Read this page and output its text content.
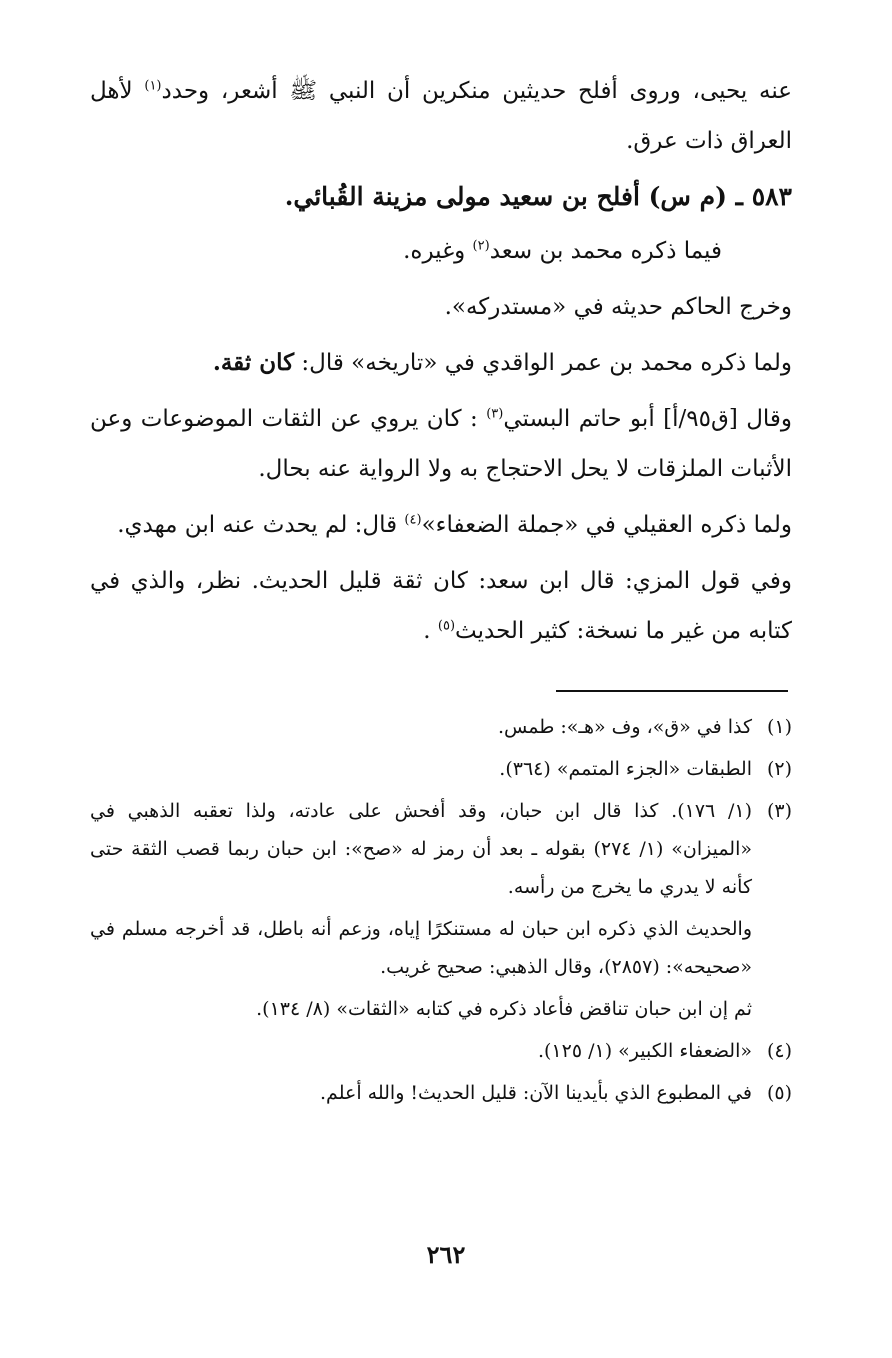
عنه يحيى، وروى أفلح حديثين منكرين أن النبي ﷺ أشعر، وحدد$^{(١)}$ لأهل العراق ذات عرق.

٥٨٣ ـ (م س) أفلح بن سعيد مولى مزينة القُبائي.

فيما ذكره محمد بن سعد$^{(٢)}$ وغيره.

وخرج الحاكم حديثه في «مستدركه».

ولما ذكره محمد بن عمر الواقدي في «تاريخه» قال: كان ثقة.

وقال [ق٩٥/أ] أبو حاتم البستي$^{(٣)}$ : كان يروي عن الثقات الموضوعات وعن الأثبات الملزقات لا يحل الاحتجاج به ولا الرواية عنه بحال.

ولما ذكره العقيلي في «جملة الضعفاء»$^{(٤)}$ قال: لم يحدث عنه ابن مهدي.

وفي قول المزي: قال ابن سعد: كان ثقة قليل الحديث. نظر، والذي في كتابه من غير ما نسخة: كثير الحديث$^{(٥)}$ .

(١)
كذا في «ق»، وف «هـ»: طمس.
(٢)
الطبقات «الجزء المتمم» (٣٦٤).
(٣)
(١/ ١٧٦). كذا قال ابن حبان، وقد أفحش على عادته، ولذا تعقبه الذهبي في «الميزان» (١/ ٢٧٤) بقوله ـ بعد أن رمز له «صح»: ابن حبان ربما قصب الثقة حتى كأنه لا يدري ما يخرج من رأسه.

والحديث الذي ذكره ابن حبان له مستنكرًا إياه، وزعم أنه باطل، قد أخرجه مسلم في «صحيحه»: (٢٨٥٧)، وقال الذهبي: صحيح غريب.

ثم إن ابن حبان تناقض فأعاد ذكره في كتابه «الثقات» (٨/ ١٣٤).

(٤)
«الضعفاء الكبير» (١/ ١٢٥).
(٥)
في المطبوع الذي بأيدينا الآن: قليل الحديث! والله أعلم.
٢٦٢
